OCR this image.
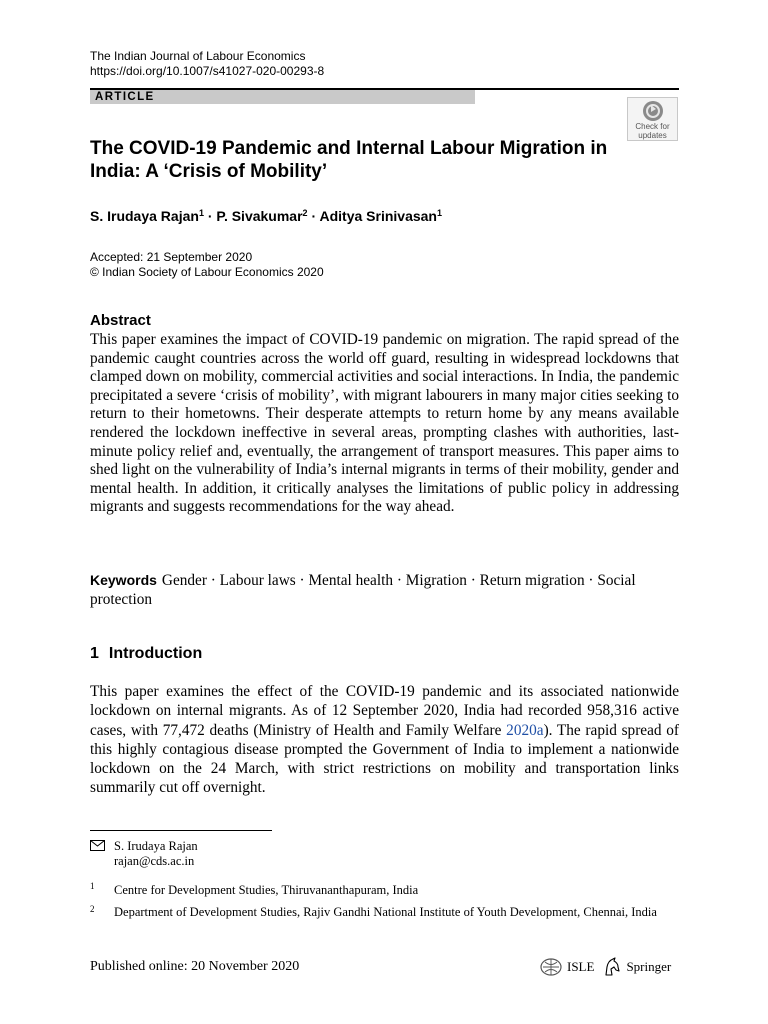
The Indian Journal of Labour Economics
https://doi.org/10.1007/s41027-020-00293-8
ARTICLE
Check for
updates
The COVID-19 Pandemic and Internal Labour Migration in India: A ‘Crisis of Mobility’
S. Irudaya Rajan$^1$ · P. Sivakumar$^2$ · Aditya Srinivasan$^1$
Accepted: 21 September 2020
© Indian Society of Labour Economics 2020
Abstract
This paper examines the impact of COVID-19 pandemic on migration. The rapid spread of the pandemic caught countries across the world off guard, resulting in widespread lockdowns that clamped down on mobility, commercial activities and social interactions. In India, the pandemic precipitated a severe ‘crisis of mobility’, with migrant labourers in many major cities seeking to return to their hometowns. Their desperate attempts to return home by any means available rendered the lockdown ineffective in several areas, prompting clashes with authorities, last-minute policy relief and, eventually, the arrangement of transport measures. This paper aims to shed light on the vulnerability of India’s internal migrants in terms of their mobility, gender and mental health. In addition, it critically analyses the limitations of public policy in addressing migrants and suggests recommendations for the way ahead.
Keywords Gender · Labour laws · Mental health · Migration · Return migration · Social protection
1 Introduction
This paper examines the effect of the COVID-19 pandemic and its associated nationwide lockdown on internal migrants. As of 12 September 2020, India had recorded 958,316 active cases, with 77,472 deaths (Ministry of Health and Family Welfare 2020a). The rapid spread of this highly contagious disease prompted the Government of India to implement a nationwide lockdown on the 24 March, with strict restrictions on mobility and transportation links summarily cut off overnight.
S. Irudaya Rajan
rajan@cds.ac.in
1 Centre for Development Studies, Thiruvananthapuram, India
2 Department of Development Studies, Rajiv Gandhi National Institute of Youth Development, Chennai, India
Published online: 20 November 2020	ISLE Springer
